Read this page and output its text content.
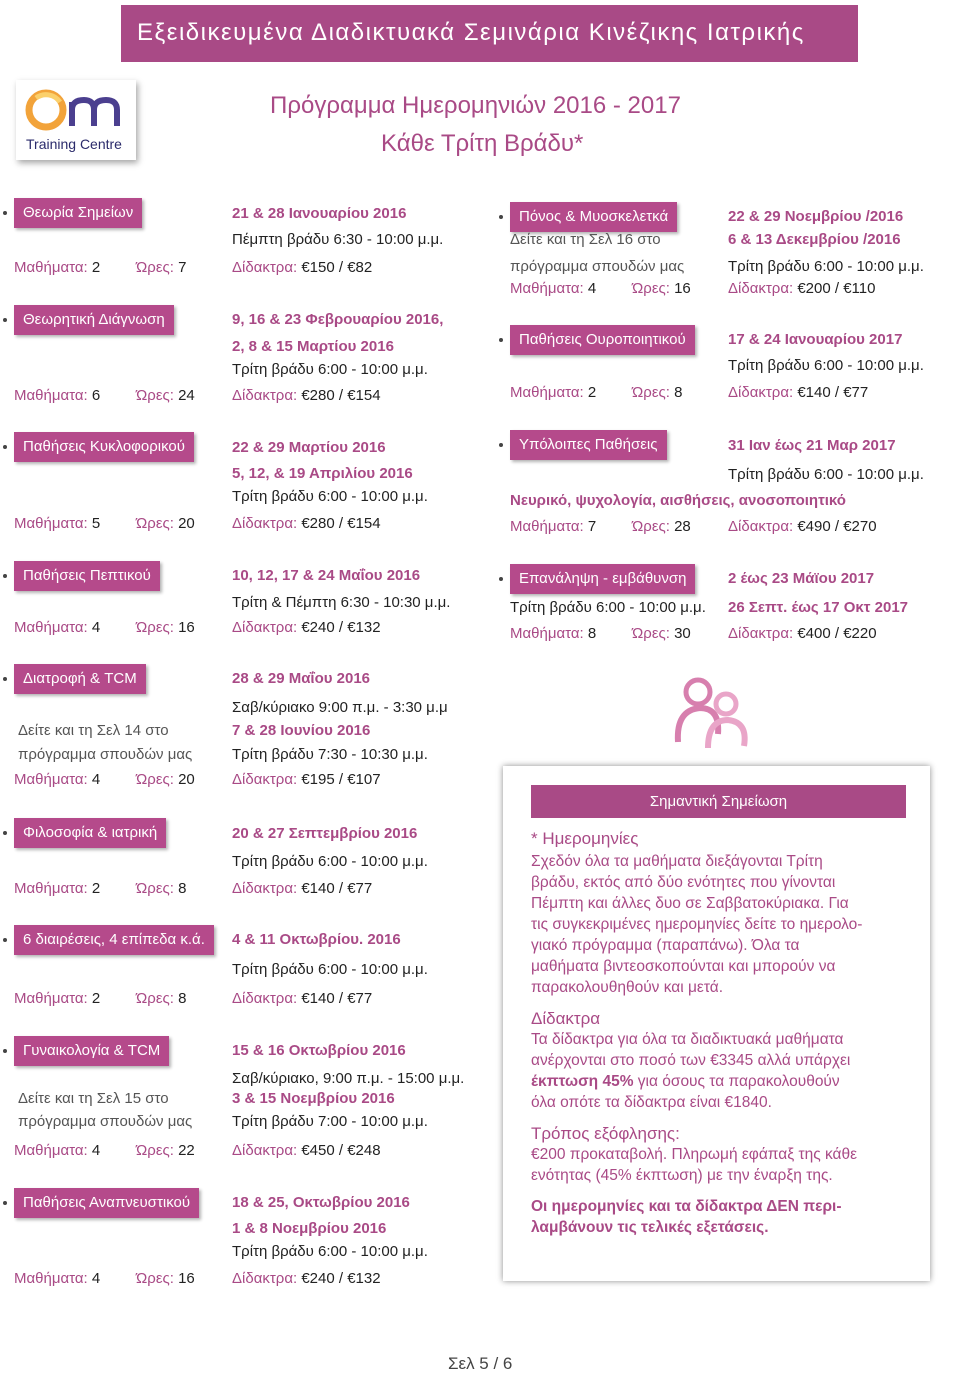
Εξειδικευμένα Διαδικτυακά Σεμινάρια Κινέζικης Ιατρικής
Training Centre
Πρόγραμμα Ημερομηνιών 2016 - 2017
Κάθε Τρίτη Βράδυ*
Θεωρία Σημείων	21 & 28 Ιανουαρίου 2016
Πέμπτη βράδυ 6:30 - 10:00 μ.μ.
Μαθήματα: 2 Ώρες: 7	Δίδακτρα: €150 / €82
Θεωρητική Διάγνωση	9, 16 & 23 Φεβρουαρίου 2016,
2, 8 & 15 Μαρτίου 2016
Τρίτη βράδυ 6:00 - 10:00 μ.μ.
Μαθήματα: 6 Ώρες: 24 Δίδακτρα: €280 / €154
Παθήσεις Κυκλοφορικού	22 & 29 Μαρτίου 2016
5, 12, & 19 Απριλίου 2016
Τρίτη βράδυ 6:00 - 10:00 μ.μ.
Μαθήματα: 5 Ώρες: 20 Δίδακτρα: €280 / €154
Παθήσεις Πεπτικού	10, 12, 17 & 24 Μαΐου 2016
Τρίτη & Πέμπτη 6:30 - 10:30 μ.μ.
Μαθήματα: 4 Ώρες: 16 Δίδακτρα: €240 / €132
Διατροφή & TCM	28 & 29 Μαΐου 2016
Σαβ/κύριακο 9:00 π.μ. - 3:30 μ.μ
7 & 28 Ιουνίου 2016
Τρίτη βράδυ 7:30 - 10:30 μ.μ.
Δείτε και τη Σελ 14 στο
πρόγραμμα σπουδών μας
Μαθήματα: 4 Ώρες: 20 Δίδακτρα: €195 / €107
Φιλοσοφία & ιατρική	20 & 27 Σεπτεμβρίου 2016
Τρίτη βράδυ 6:00 - 10:00 μ.μ.
Μαθήματα: 2 Ώρες: 8	Δίδακτρα: €140 / €77
6 διαιρέσεις, 4 επίπεδα κ.ά.	4 & 11 Οκτωβρίου. 2016
Τρίτη βράδυ 6:00 - 10:00 μ.μ.
Μαθήματα: 2 Ώρες: 8	Δίδακτρα: €140 / €77
Γυναικολογία & TCM	15 & 16 Οκτωβρίου 2016
Σαβ/κύριακο, 9:00 π.μ. - 15:00 μ.μ.
3 & 15 Νοεμβρίου 2016
Τρίτη βράδυ 7:00 - 10:00 μ.μ.
Δείτε και τη Σελ 15 στο
πρόγραμμα σπουδών μας
Μαθήματα: 4 Ώρες: 22 Δίδακτρα: €450 / €248
Παθήσεις Αναπνευστικού	18 & 25, Οκτωβρίου 2016
1 & 8 Νοεμβρίου 2016
Τρίτη βράδυ 6:00 - 10:00 μ.μ.
Μαθήματα: 4 Ώρες: 16 Δίδακτρα: €240 / €132
Πόνος & Μυοσκελετκά	22 & 29 Νοεμβρίου /2016
6 & 13 Δεκεμβρίου /2016
Τρίτη βράδυ 6:00 - 10:00 μ.μ.
Δείτε και τη Σελ 16 στο
πρόγραμμα σπουδών μας
Μαθήματα: 4 Ώρες: 16 Δίδακτρα: €200 / €110
Παθήσεις Ουροποιητικού	17 & 24 Ιανουαρίου 2017
Τρίτη βράδυ 6:00 - 10:00 μ.μ.
Μαθήματα: 2 Ώρες: 8	Δίδακτρα: €140 / €77
Υπόλοιπες Παθήσεις	31 Ιαν έως 21 Μαρ 2017
Τρίτη βράδυ 6:00 - 10:00 μ.μ.
Νευρικό, ψυχολογία, αισθήσεις, ανοσοποιητικό
Μαθήματα: 7 Ώρες: 28 Δίδακτρα: €490 / €270
Επανάληψη - εμβάθυνση	2 έως 23 Μάϊου 2017
26 Σεπτ. έως 17 Οκτ 2017
Τρίτη βράδυ 6:00 - 10:00 μ.μ.
Μαθήματα: 8 Ώρες: 30 Δίδακτρα: €400 / €220
Σημαντική Σημείωση
* Ημερομηνίες
Σχεδόν όλα τα μαθήματα διεξάγονται Τρίτη
βράδυ, εκτός από δύο ενότητες που γίνονται
Πέμπτη και άλλες δυο σε Σαββατοκύριακα. Για
τις συγκεκριμένες ημερομηνίες δείτε το ημερολο-
γιακό πρόγραμμα (παραπάνω). Όλα τα
μαθήματα βιντεοσκοπούνται και μπορούν να
παρακολουθηθούν και μετά.
Δίδακτρα
Τα δίδακτρα για όλα τα διαδικτυακά μαθήματα
ανέρχονται στο ποσό των €3345 αλλά υπάρχει
έκπτωση 45% για όσους τα παρακολουθούν
όλα οπότε τα δίδακτρα είναι €1840.
Τρόπος εξόφλησης:
€200 προκαταβολή. Πληρωμή εφάπαξ της κάθε
ενότητας (45% έκπτωση) με την έναρξη της.
Οι ημερομηνίες και τα δίδακτρα ΔΕΝ περι-
λαμβάνουν τις τελικές εξετάσεις.
Σελ 5 / 6
